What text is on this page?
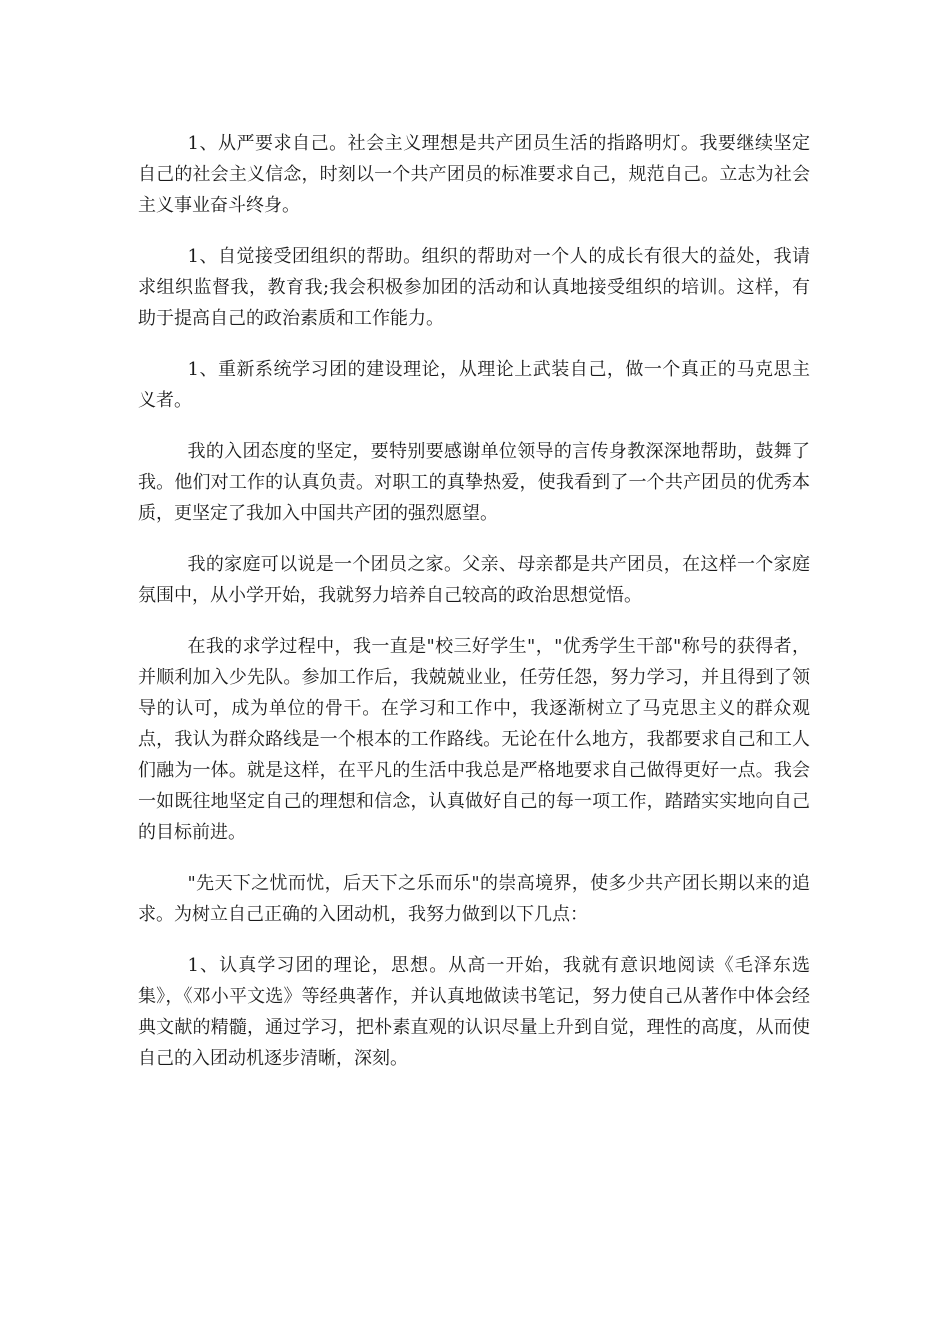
1、从严要求自己。社会主义理想是共产团员生活的指路明灯。我要继续坚定自己的社会主义信念，时刻以一个共产团员的标准要求自己，规范自己。立志为社会主义事业奋斗终身。

1、自觉接受团组织的帮助。组织的帮助对一个人的成长有很大的益处，我请求组织监督我，教育我;我会积极参加团的活动和认真地接受组织的培训。这样，有助于提高自己的政治素质和工作能力。

1、重新系统学习团的建设理论，从理论上武装自己，做一个真正的马克思主义者。

我的入团态度的坚定，要特别要感谢单位领导的言传身教深深地帮助，鼓舞了我。他们对工作的认真负责。对职工的真挚热爱，使我看到了一个共产团员的优秀本质，更坚定了我加入中国共产团的强烈愿望。

我的家庭可以说是一个团员之家。父亲、母亲都是共产团员，在这样一个家庭氛围中，从小学开始，我就努力培养自己较高的政治思想觉悟。

在我的求学过程中，我一直是"校三好学生"，"优秀学生干部"称号的获得者，并顺利加入少先队。参加工作后，我兢兢业业，任劳任怨，努力学习，并且得到了领导的认可，成为单位的骨干。在学习和工作中，我逐渐树立了马克思主义的群众观点，我认为群众路线是一个根本的工作路线。无论在什么地方，我都要求自己和工人们融为一体。就是这样，在平凡的生活中我总是严格地要求自己做得更好一点。我会一如既往地坚定自己的理想和信念，认真做好自己的每一项工作，踏踏实实地向自己的目标前进。

"先天下之忧而忧，后天下之乐而乐"的崇高境界，使多少共产团长期以来的追求。为树立自己正确的入团动机，我努力做到以下几点：

1、认真学习团的理论，思想。从高一开始，我就有意识地阅读《毛泽东选集》，《邓小平文选》等经典著作，并认真地做读书笔记，努力使自己从著作中体会经典文献的精髓，通过学习，把朴素直观的认识尽量上升到自觉，理性的高度，从而使自己的入团动机逐步清晰，深刻。
